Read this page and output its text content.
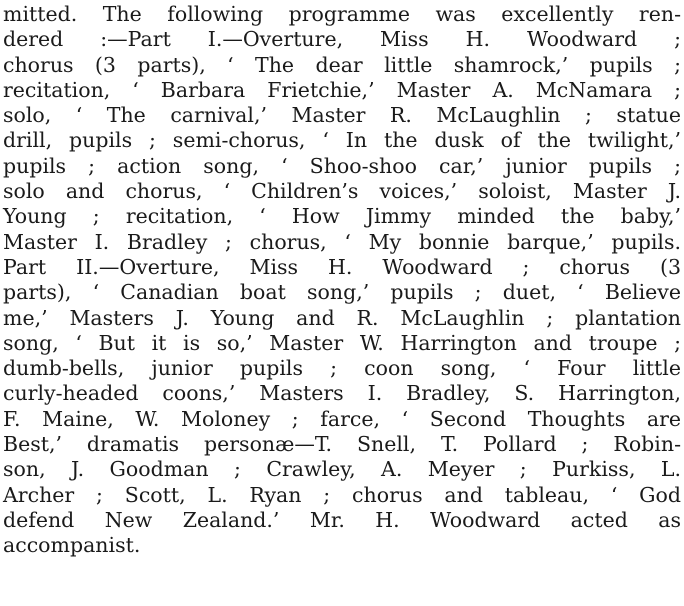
mitted. The following programme was excellently ren-
dered :—Part I.—Overture, Miss H. Woodward ;
chorus (3 parts), ‘ The dear little shamrock,’ pupils ;
recitation, ‘ Barbara Frietchie,’ Master A. McNamara ;
solo, ‘ The carnival,’ Master R. McLaughlin ; statue
drill, pupils ; semi-chorus, ‘ In the dusk of the twilight,’
pupils ; action song, ‘ Shoo-shoo car,’ junior pupils ;
solo and chorus, ‘ Children’s voices,’ soloist, Master J.
Young ; recitation, ‘ How Jimmy minded the baby,’
Master I. Bradley ; chorus, ‘ My bonnie barque,’ pupils.
Part II.—Overture, Miss H. Woodward ; chorus (3
parts), ‘ Canadian boat song,’ pupils ; duet, ‘ Believe
me,’ Masters J. Young and R. McLaughlin ; plantation
song, ‘ But it is so,’ Master W. Harrington and troupe ;
dumb-bells, junior pupils ; coon song, ‘ Four little
curly-headed coons,’ Masters I. Bradley, S. Harrington,
F. Maine, W. Moloney ; farce, ‘ Second Thoughts are
Best,’ dramatis personæ—T. Snell, T. Pollard ; Robin-
son, J. Goodman ; Crawley, A. Meyer ; Purkiss, L.
Archer ; Scott, L. Ryan ; chorus and tableau, ‘ God
defend New Zealand.’ Mr. H. Woodward acted as
accompanist.
